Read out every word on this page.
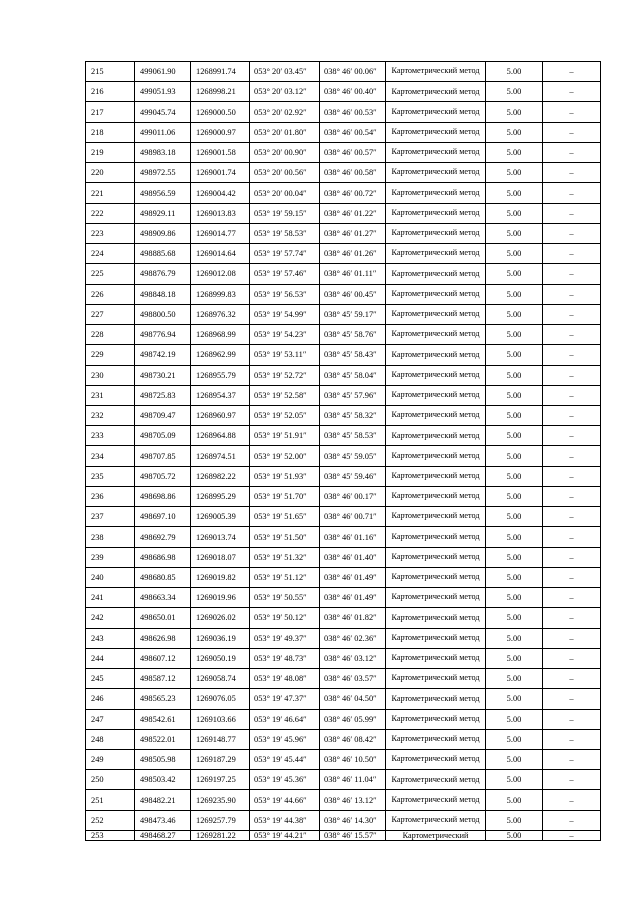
215	499061.90	1268991.74	053° 20′ 03.45″	038° 46′ 00.06″	Картометрический метод	5.00	–
216	499051.93	1268998.21	053° 20′ 03.12″	038° 46′ 00.40″	Картометрический метод	5.00	–
217	499045.74	1269000.50	053° 20′ 02.92″	038° 46′ 00.53″	Картометрический метод	5.00	–
218	499011.06	1269000.97	053° 20′ 01.80″	038° 46′ 00.54″	Картометрический метод	5.00	–
219	498983.18	1269001.58	053° 20′ 00.90″	038° 46′ 00.57″	Картометрический метод	5.00	–
220	498972.55	1269001.74	053° 20′ 00.56″	038° 46′ 00.58″	Картометрический метод	5.00	–
221	498956.59	1269004.42	053° 20′ 00.04″	038° 46′ 00.72″	Картометрический метод	5.00	–
222	498929.11	1269013.83	053° 19′ 59.15″	038° 46′ 01.22″	Картометрический метод	5.00	–
223	498909.86	1269014.77	053° 19′ 58.53″	038° 46′ 01.27″	Картометрический метод	5.00	–
224	498885.68	1269014.64	053° 19′ 57.74″	038° 46′ 01.26″	Картометрический метод	5.00	–
225	498876.79	1269012.08	053° 19′ 57.46″	038° 46′ 01.11″	Картометрический метод	5.00	–
226	498848.18	1268999.83	053° 19′ 56.53″	038° 46′ 00.45″	Картометрический метод	5.00	–
227	498800.50	1268976.32	053° 19′ 54.99″	038° 45′ 59.17″	Картометрический метод	5.00	–
228	498776.94	1268968.99	053° 19′ 54.23″	038° 45′ 58.76″	Картометрический метод	5.00	–
229	498742.19	1268962.99	053° 19′ 53.11″	038° 45′ 58.43″	Картометрический метод	5.00	–
230	498730.21	1268955.79	053° 19′ 52.72″	038° 45′ 58.04″	Картометрический метод	5.00	–
231	498725.83	1268954.37	053° 19′ 52.58″	038° 45′ 57.96″	Картометрический метод	5.00	–
232	498709.47	1268960.97	053° 19′ 52.05″	038° 45′ 58.32″	Картометрический метод	5.00	–
233	498705.09	1268964.88	053° 19′ 51.91″	038° 45′ 58.53″	Картометрический метод	5.00	–
234	498707.85	1268974.51	053° 19′ 52.00″	038° 45′ 59.05″	Картометрический метод	5.00	–
235	498705.72	1268982.22	053° 19′ 51.93″	038° 45′ 59.46″	Картометрический метод	5.00	–
236	498698.86	1268995.29	053° 19′ 51.70″	038° 46′ 00.17″	Картометрический метод	5.00	–
237	498697.10	1269005.39	053° 19′ 51.65″	038° 46′ 00.71″	Картометрический метод	5.00	–
238	498692.79	1269013.74	053° 19′ 51.50″	038° 46′ 01.16″	Картометрический метод	5.00	–
239	498686.98	1269018.07	053° 19′ 51.32″	038° 46′ 01.40″	Картометрический метод	5.00	–
240	498680.85	1269019.82	053° 19′ 51.12″	038° 46′ 01.49″	Картометрический метод	5.00	–
241	498663.34	1269019.96	053° 19′ 50.55″	038° 46′ 01.49″	Картометрический метод	5.00	–
242	498650.01	1269026.02	053° 19′ 50.12″	038° 46′ 01.82″	Картометрический метод	5.00	–
243	498626.98	1269036.19	053° 19′ 49.37″	038° 46′ 02.36″	Картометрический метод	5.00	–
244	498607.12	1269050.19	053° 19′ 48.73″	038° 46′ 03.12″	Картометрический метод	5.00	–
245	498587.12	1269058.74	053° 19′ 48.08″	038° 46′ 03.57″	Картометрический метод	5.00	–
246	498565.23	1269076.05	053° 19′ 47.37″	038° 46′ 04.50″	Картометрический метод	5.00	–
247	498542.61	1269103.66	053° 19′ 46.64″	038° 46′ 05.99″	Картометрический метод	5.00	–
248	498522.01	1269148.77	053° 19′ 45.96″	038° 46′ 08.42″	Картометрический метод	5.00	–
249	498505.98	1269187.29	053° 19′ 45.44″	038° 46′ 10.50″	Картометрический метод	5.00	–
250	498503.42	1269197.25	053° 19′ 45.36″	038° 46′ 11.04″	Картометрический метод	5.00	–
251	498482.21	1269235.90	053° 19′ 44.66″	038° 46′ 13.12″	Картометрический метод	5.00	–
252	498473.46	1269257.79	053° 19′ 44.38″	038° 46′ 14.30″	Картометрический метод	5.00	–
253	498468.27	1269281.22	053° 19′ 44.21″	038° 46′ 15.57″	Картометрический	5.00	–
